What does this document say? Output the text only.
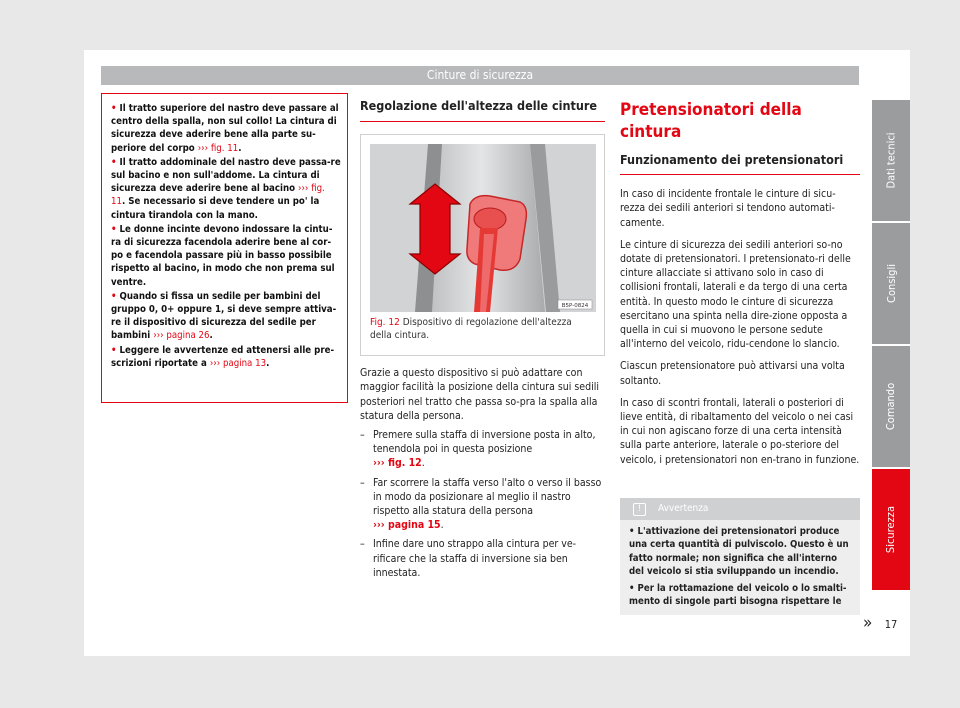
Cinture di sicurezza
• Il tratto superiore del nastro deve passare al centro della spalla, non sul collo! La cintura di sicurezza deve aderire bene alla parte su-periore del corpo ››› fig. 11.
• Il tratto addominale del nastro deve passa-re sul bacino e non sull'addome. La cintura di sicurezza deve aderire bene al bacino ››› fig. 11. Se necessario si deve tendere un po' la cintura tirandola con la mano.
• Le donne incinte devono indossare la cintu-ra di sicurezza facendola aderire bene al cor-po e facendola passare più in basso possibile rispetto al bacino, in modo che non prema sul ventre.
• Quando si fissa un sedile per bambini del gruppo 0, 0+ oppure 1, si deve sempre attiva-re il dispositivo di sicurezza del sedile per bambini ››› pagina 26.
• Leggere le avvertenze ed attenersi alle pre-scrizioni riportate a ››› pagina 13.
Regolazione dell'altezza delle cinture
B5P-0824
Fig. 12 Dispositivo di regolazione dell'altezza della cintura.

Grazie a questo dispositivo si può adattare con maggior facilità la posizione della cintura sui sedili posteriori nel tratto che passa so-pra la spalla alla statura della persona.

– Premere sulla staffa di inversione posta in alto, tenendola poi in questa posizione
››› fig. 12.

– Far scorrere la staffa verso l'alto o verso il basso in modo da posizionare al meglio il nastro rispetto alla statura della persona
››› pagina 15.

– Infine dare uno strappo alla cintura per ve-rificare che la staffa di inversione sia ben innestata.

Pretensionatori della cintura
Funzionamento dei pretensionatori

In caso di incidente frontale le cinture di sicu-rezza dei sedili anteriori si tendono automati-camente.

Le cinture di sicurezza dei sedili anteriori so-no dotate di pretensionatori. I pretensionato-ri delle cinture allacciate si attivano solo in caso di collisioni frontali, laterali e da tergo di una certa entità. In questo modo le cinture di sicurezza esercitano una spinta nella dire-zione opposta a quella in cui si muovono le persone sedute all'interno del veicolo, ridu-cendone lo slancio.

Ciascun pretensionatore può attivarsi una volta soltanto.

In caso di scontri frontali, laterali o posteriori di lieve entità, di ribaltamento del veicolo o nei casi in cui non agiscano forze di una certa intensità sulla parte anteriore, laterale o po-steriore del veicolo, i pretensionatori non en-trano in funzione.

!	Avvertenza
• L'attivazione dei pretensionatori produce una certa quantità di pulviscolo. Questo è un fatto normale; non significa che all'interno del veicolo si stia sviluppando un incendio.
• Per la rottamazione del veicolo o lo smalti-mento di singole parti bisogna rispettare le
»
Dati tecnici
Consigli
Comando
Sicurezza
17
